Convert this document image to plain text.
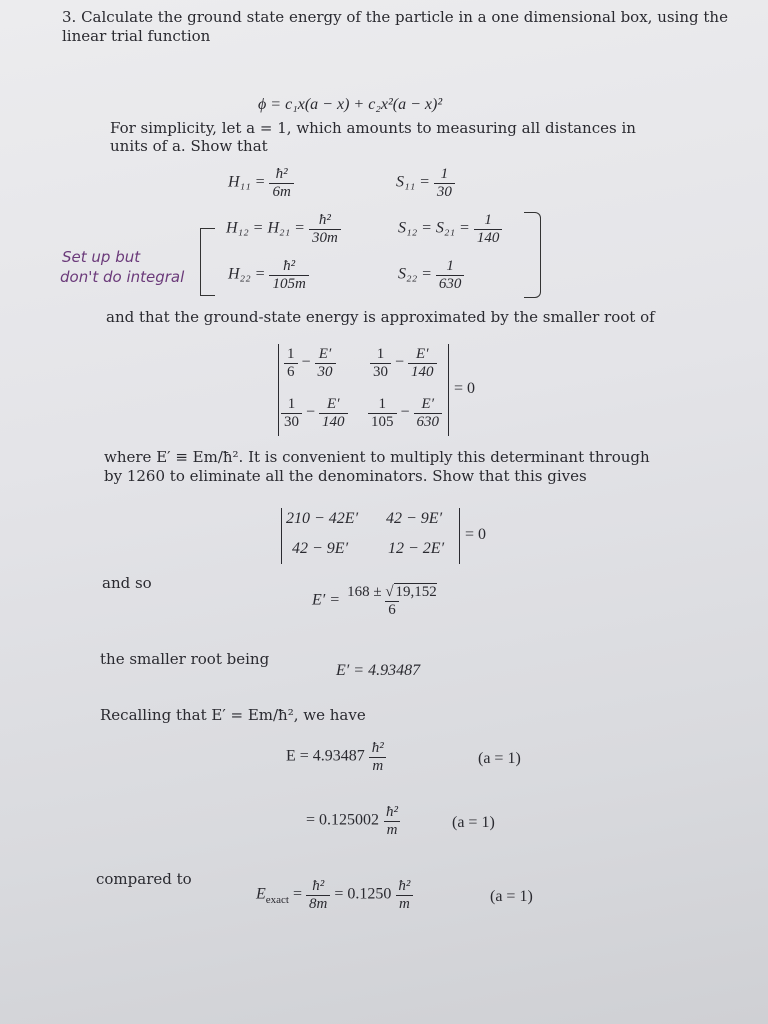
3. Calculate the ground state energy of the particle in a one dimensional box, using the
linear trial function
ϕ = c₁x(a − x) + c₂x²(a − x)²
For simplicity, let a = 1, which amounts to measuring all distances in
units of a. Show that
$H_{11} = \frac{\text{ħ²}}{6m}$	$S_{11} = \frac{1}{30}$
$H_{12} = H_{21} = \frac{\text{ħ²}}{30m}$	$S_{12} = S_{21} = \frac{1}{140}$
$H_{22} = \frac{\text{ħ²}}{105m}$	$S_{22} = \frac{1}{630}$
Set up but
don't do integral
and that the ground-state energy is approximated by the smaller root of
$\frac{1}{6} - \frac{E'}{30} \frac{1}{30} - \frac{E'}{140}$
$\frac{1}{30} - \frac{E'}{140} \frac{1}{105} - \frac{E'}{630}$
= 0
where E′ ≡ Em/ħ². It is convenient to multiply this determinant through
by 1260 to eliminate all the denominators. Show that this gives
210 − 42E′ 42 − 9E′
42 − 9E′ 12 − 2E′
= 0
and so
$E' = \frac{168 \pm √ 19,152}{6}$
the smaller root being
E′ = 4.93487
Recalling that E′ = Em/ħ², we have
$E = 4.93487 \frac{\text{ħ²}}{m}$	(a = 1)
= $0.125002 \frac{\text{ħ²}}{m}$	(a = 1)
compared to
$E_{exact} = \frac{\text{ħ²}}{8m} = 0.1250 \frac{\text{ħ²}}{m}$	(a = 1)
